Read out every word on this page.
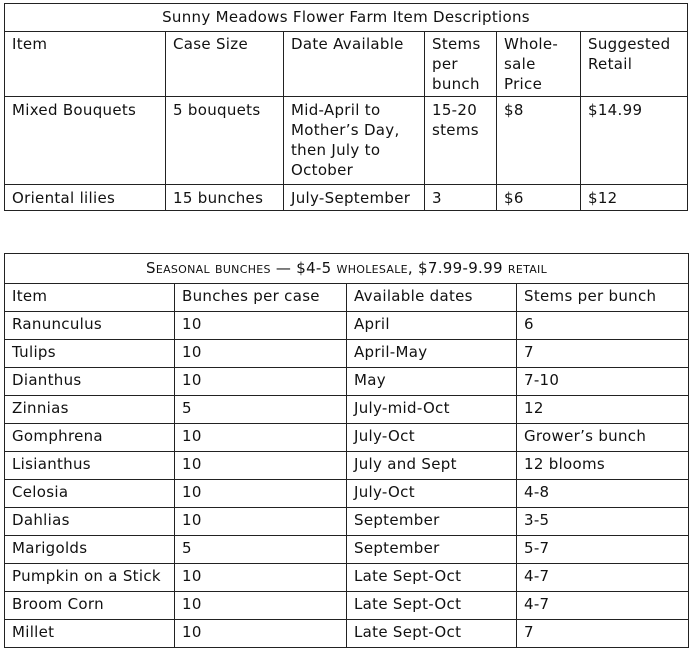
Sunny Meadows Flower Farm Item Descriptions					
Item	Case Size	Date Available	Stems per bunch	Whole-sale Price	Suggested Retail
Mixed Bouquets	5 bouquets	Mid-April to Mother’s Day, then July to October	15-20 stems	$8	$14.99
Oriental lilies	15 bunches	July-September	3	$6	$12
Seasonal bunches — $4-5 wholesale, $7.99-9.99 retail			
Item	Bunches per case	Available dates	Stems per bunch
Ranunculus	10	April	6
Tulips	10	April-May	7
Dianthus	10	May	7-10
Zinnias	5	July-mid-Oct	12
Gomphrena	10	July-Oct	Grower’s bunch
Lisianthus	10	July and Sept	12 blooms
Celosia	10	July-Oct	4-8
Dahlias	10	September	3-5
Marigolds	5	September	5-7
Pumpkin on a Stick	10	Late Sept-Oct	4-7
Broom Corn	10	Late Sept-Oct	4-7
Millet	10	Late Sept-Oct	7
